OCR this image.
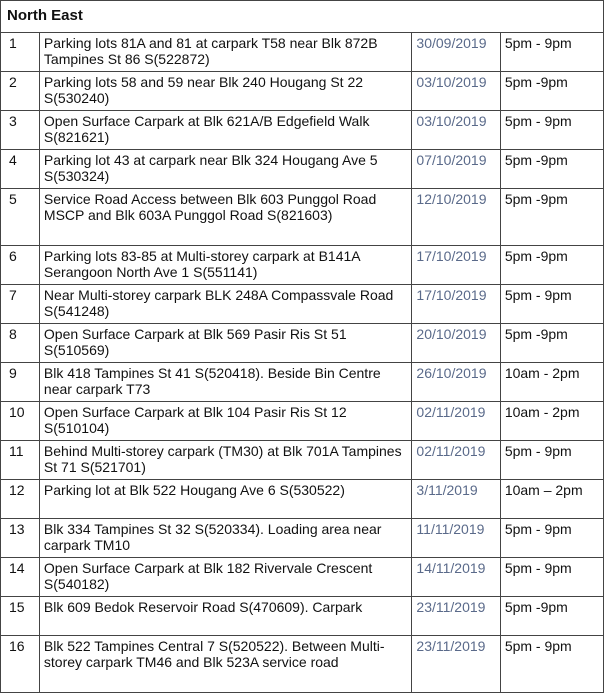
North East			
1	Parking lots 81A and 81 at carpark T58 near Blk 872B Tampines St 86 S(522872)	30/09/2019	5pm - 9pm
2	Parking lots 58 and 59 near Blk 240 Hougang St 22 S(530240)	03/10/2019	5pm -9pm
3	Open Surface Carpark at Blk 621A/B Edgefield Walk S(821621)	03/10/2019	5pm - 9pm
4	Parking lot 43 at carpark near Blk 324 Hougang Ave 5 S(530324)	07/10/2019	5pm -9pm
5	Service Road Access between Blk 603 Punggol Road MSCP and Blk 603A Punggol Road S(821603)	12/10/2019	5pm -9pm
6	Parking lots 83-85 at Multi-storey carpark at B141A Serangoon North Ave 1 S(551141)	17/10/2019	5pm -9pm
7	Near Multi-storey carpark BLK 248A Compassvale Road S(541248)	17/10/2019	5pm - 9pm
8	Open Surface Carpark at Blk 569 Pasir Ris St 51 S(510569)	20/10/2019	5pm -9pm
9	Blk 418 Tampines St 41 S(520418). Beside Bin Centre near carpark T73	26/10/2019	10am - 2pm
10	Open Surface Carpark at Blk 104 Pasir Ris St 12 S(510104)	02/11/2019	10am - 2pm
11	Behind Multi-storey carpark (TM30) at Blk 701A Tampines St 71 S(521701)	02/11/2019	5pm - 9pm
12	Parking lot at Blk 522 Hougang Ave 6 S(530522)	3/11/2019	10am – 2pm
13	Blk 334 Tampines St 32 S(520334). Loading area near carpark TM10	11/11/2019	5pm - 9pm
14	Open Surface Carpark at Blk 182 Rivervale Crescent S(540182)	14/11/2019	5pm - 9pm
15	Blk 609 Bedok Reservoir Road S(470609). Carpark	23/11/2019	5pm -9pm
16	Blk 522 Tampines Central 7 S(520522). Between Multi-storey carpark TM46 and Blk 523A service road	23/11/2019	5pm - 9pm
